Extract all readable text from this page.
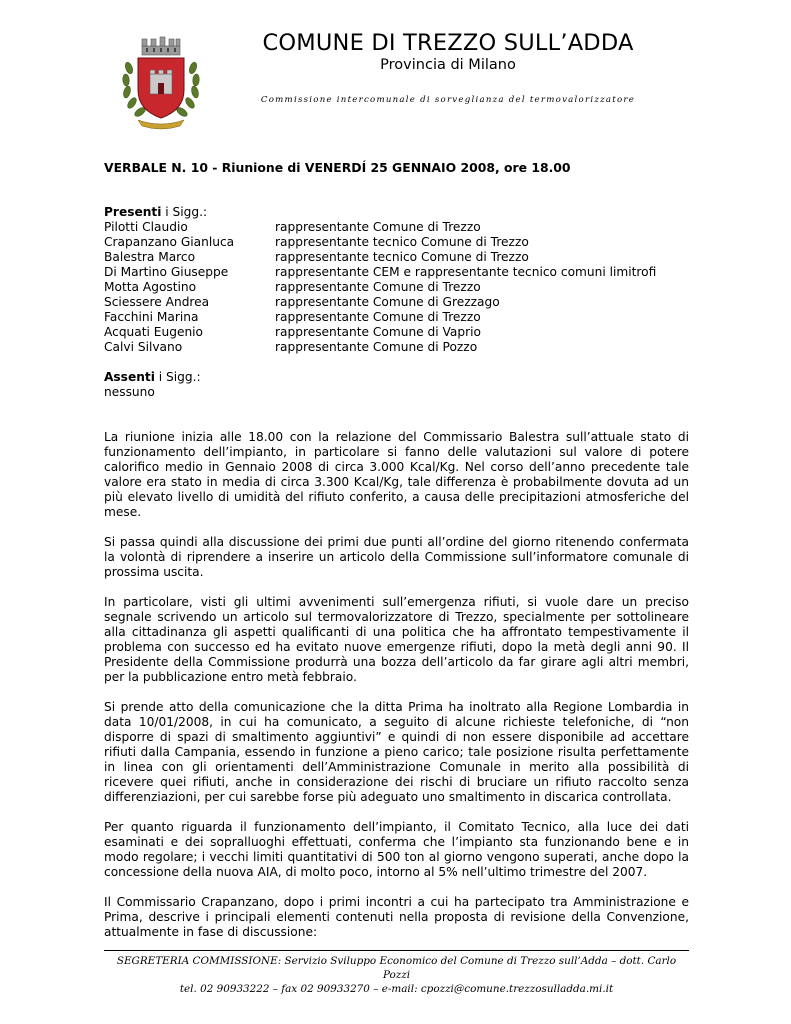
COMUNE DI TREZZO SULL’ADDA
Provincia di Milano
Commissione intercomunale di sorveglianza del termovalorizzatore

VERBALE N. 10 - Riunione di VENERDÍ 25 GENNAIO 2008, ore 18.00

Presenti i Sigg.:

Pilotti Claudio	rappresentante Comune di Trezzo
Crapanzano Gianluca	rappresentante tecnico Comune di Trezzo
Balestra Marco	rappresentante tecnico Comune di Trezzo
Di Martino Giuseppe	rappresentante CEM e rappresentante tecnico comuni limitrofi
Motta Agostino	rappresentante Comune di Trezzo
Sciessere Andrea	rappresentante Comune di Grezzago
Facchini Marina	rappresentante Comune di Trezzo
Acquati Eugenio	rappresentante Comune di Vaprio
Calvi Silvano	rappresentante Comune di Pozzo

Assenti i Sigg.:

nessuno

La riunione inizia alle 18.00 con la relazione del Commissario Balestra sull’attuale stato di funzionamento dell’impianto, in particolare si fanno delle valutazioni sul valore di potere calorifico medio in Gennaio 2008 di circa 3.000 Kcal/Kg. Nel corso dell’anno precedente tale valore era stato in media di circa 3.300 Kcal/Kg, tale differenza è probabilmente dovuta ad un più elevato livello di umidità del rifiuto conferito, a causa delle precipitazioni atmosferiche del mese.

Si passa quindi alla discussione dei primi due punti all’ordine del giorno ritenendo confermata la volontà di riprendere a inserire un articolo della Commissione sull’informatore comunale di prossima uscita.

In particolare, visti gli ultimi avvenimenti sull’emergenza rifiuti, si vuole dare un preciso segnale scrivendo un articolo sul termovalorizzatore di Trezzo, specialmente per sottolineare alla cittadinanza gli aspetti qualificanti di una politica che ha affrontato tempestivamente il problema con successo ed ha evitato nuove emergenze rifiuti, dopo la metà degli anni 90. Il Presidente della Commissione produrrà una bozza dell’articolo da far girare agli altri membri, per la pubblicazione entro metà febbraio.

Si prende atto della comunicazione che la ditta Prima ha inoltrato alla Regione Lombardia in data 10/01/2008, in cui ha comunicato, a seguito di alcune richieste telefoniche, di “non disporre di spazi di smaltimento aggiuntivi” e quindi di non essere disponibile ad accettare rifiuti dalla Campania, essendo in funzione a pieno carico; tale posizione risulta perfettamente in linea con gli orientamenti dell’Amministrazione Comunale in merito alla possibilità di ricevere quei rifiuti, anche in considerazione dei rischi di bruciare un rifiuto raccolto senza differenziazioni, per cui sarebbe forse più adeguato uno smaltimento in discarica controllata.

Per quanto riguarda il funzionamento dell’impianto, il Comitato Tecnico, alla luce dei dati esaminati e dei sopralluoghi effettuati, conferma che l’impianto sta funzionando bene e in modo regolare; i vecchi limiti quantitativi di 500 ton al giorno vengono superati, anche dopo la concessione della nuova AIA, di molto poco, intorno al 5% nell’ultimo trimestre del 2007.

Il Commissario Crapanzano, dopo i primi incontri a cui ha partecipato tra Amministrazione e Prima, descrive i principali elementi contenuti nella proposta di revisione della Convenzione, attualmente in fase di discussione:

SEGRETERIA COMMISSIONE: Servizio Sviluppo Economico del Comune di Trezzo sull’Adda – dott. Carlo Pozzi
tel. 02 90933222 – fax 02 90933270 – e-mail: cpozzi@comune.trezzosulladda.mi.it
